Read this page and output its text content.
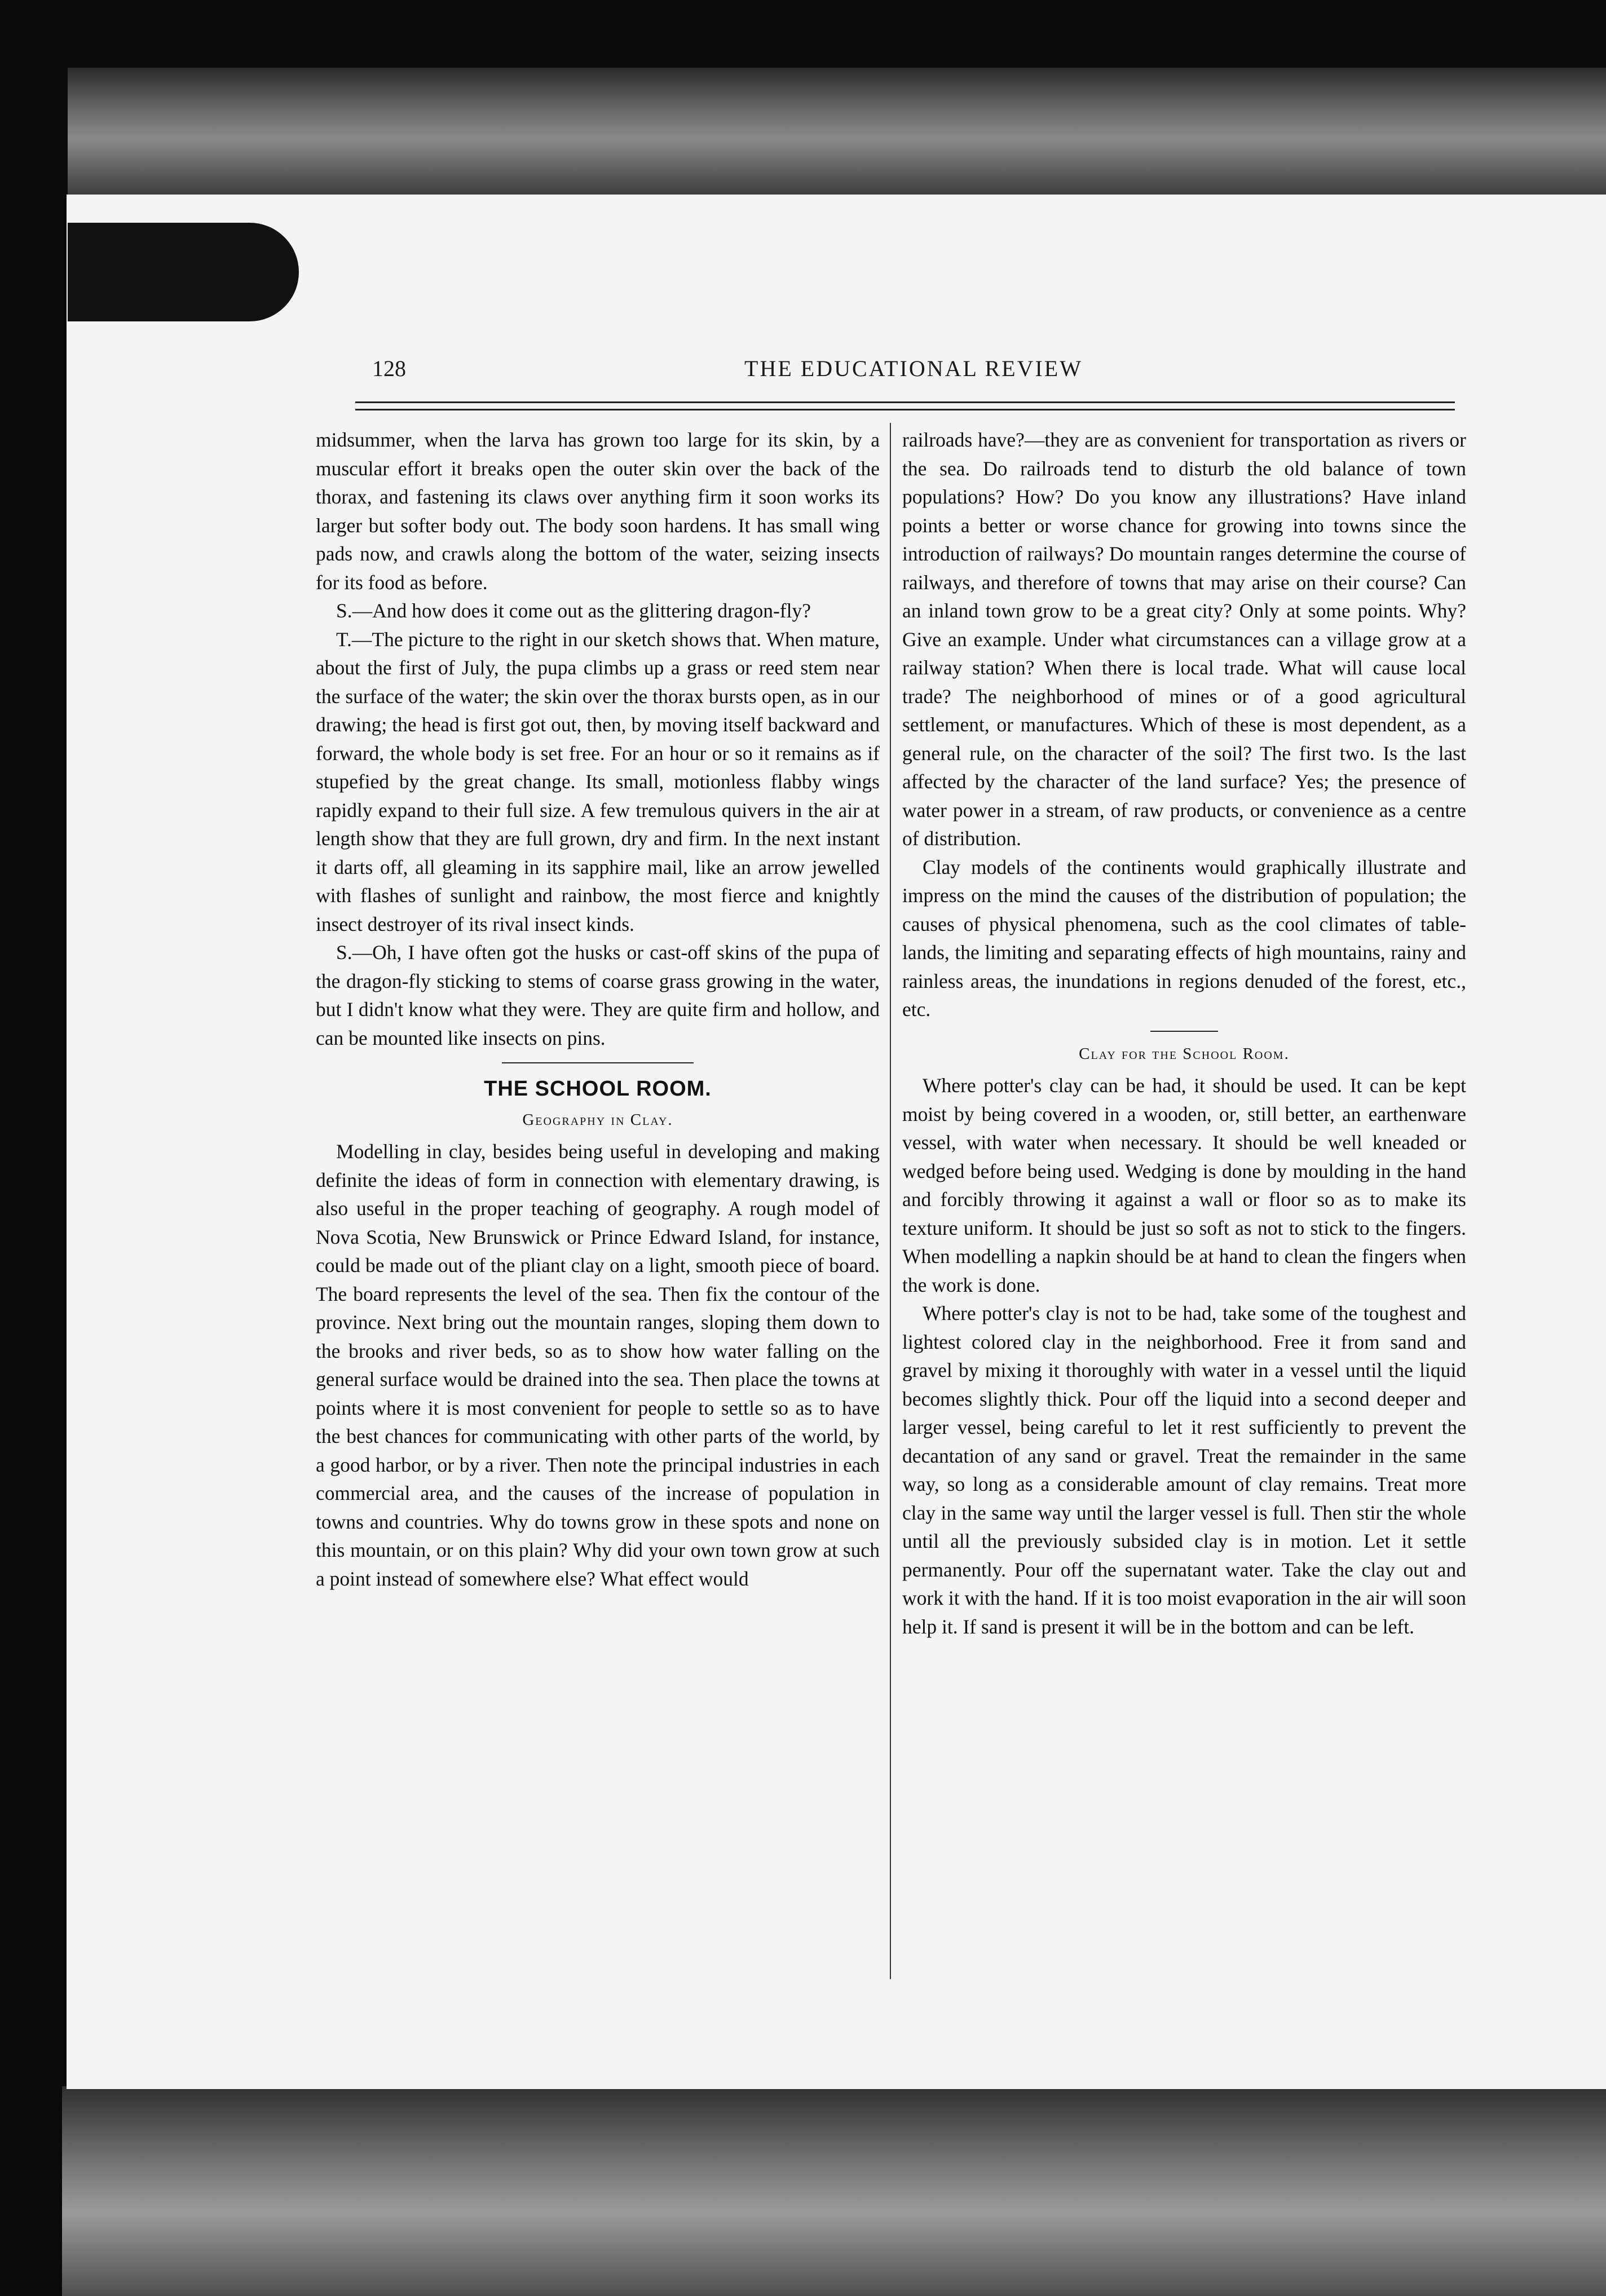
128	THE EDUCATIONAL REVIEW

midsummer, when the larva has grown too large for its skin, by a muscular effort it breaks open the outer skin over the back of the thorax, and fastening its claws over anything firm it soon works its larger but softer body out. The body soon hardens. It has small wing pads now, and crawls along the bottom of the water, seizing insects for its food as before.

S.—And how does it come out as the glittering dragon-fly?

T.—The picture to the right in our sketch shows that. When mature, about the first of July, the pupa climbs up a grass or reed stem near the surface of the water; the skin over the thorax bursts open, as in our drawing; the head is first got out, then, by moving itself backward and forward, the whole body is set free. For an hour or so it remains as if stupefied by the great change. Its small, motionless flabby wings rapidly expand to their full size. A few tremulous quivers in the air at length show that they are full grown, dry and firm. In the next instant it darts off, all gleaming in its sapphire mail, like an arrow jewelled with flashes of sunlight and rainbow, the most fierce and knightly insect destroyer of its rival insect kinds.

S.—Oh, I have often got the husks or cast-off skins of the pupa of the dragon-fly sticking to stems of coarse grass growing in the water, but I didn't know what they were. They are quite firm and hollow, and can be mounted like insects on pins.

THE SCHOOL ROOM.
Geography in Clay.

Modelling in clay, besides being useful in developing and making definite the ideas of form in connection with elementary drawing, is also useful in the proper teaching of geography. A rough model of Nova Scotia, New Brunswick or Prince Edward Island, for instance, could be made out of the pliant clay on a light, smooth piece of board. The board represents the level of the sea. Then fix the contour of the province. Next bring out the mountain ranges, sloping them down to the brooks and river beds, so as to show how water falling on the general surface would be drained into the sea. Then place the towns at points where it is most convenient for people to settle so as to have the best chances for communicating with other parts of the world, by a good harbor, or by a river. Then note the principal industries in each commercial area, and the causes of the increase of population in towns and countries. Why do towns grow in these spots and none on this mountain, or on this plain? Why did your own town grow at such a point instead of somewhere else? What effect would

railroads have?—they are as convenient for transportation as rivers or the sea. Do railroads tend to disturb the old balance of town populations? How? Do you know any illustrations? Have inland points a better or worse chance for growing into towns since the introduction of railways? Do mountain ranges determine the course of railways, and therefore of towns that may arise on their course? Can an inland town grow to be a great city? Only at some points. Why? Give an example. Under what circumstances can a village grow at a railway station? When there is local trade. What will cause local trade? The neighborhood of mines or of a good agricultural settlement, or manufactures. Which of these is most dependent, as a general rule, on the character of the soil? The first two. Is the last affected by the character of the land surface? Yes; the presence of water power in a stream, of raw products, or convenience as a centre of distribution.

Clay models of the continents would graphically illustrate and impress on the mind the causes of the distribution of population; the causes of physical phenomena, such as the cool climates of table-lands, the limiting and separating effects of high mountains, rainy and rainless areas, the inundations in regions denuded of the forest, etc., etc.

Clay for the School Room.

Where potter's clay can be had, it should be used. It can be kept moist by being covered in a wooden, or, still better, an earthenware vessel, with water when necessary. It should be well kneaded or wedged before being used. Wedging is done by moulding in the hand and forcibly throwing it against a wall or floor so as to make its texture uniform. It should be just so soft as not to stick to the fingers. When modelling a napkin should be at hand to clean the fingers when the work is done.

Where potter's clay is not to be had, take some of the toughest and lightest colored clay in the neighborhood. Free it from sand and gravel by mixing it thoroughly with water in a vessel until the liquid becomes slightly thick. Pour off the liquid into a second deeper and larger vessel, being careful to let it rest sufficiently to prevent the decantation of any sand or gravel. Treat the remainder in the same way, so long as a considerable amount of clay remains. Treat more clay in the same way until the larger vessel is full. Then stir the whole until all the previously subsided clay is in motion. Let it settle permanently. Pour off the supernatant water. Take the clay out and work it with the hand. If it is too moist evaporation in the air will soon help it. If sand is present it will be in the bottom and can be left.
